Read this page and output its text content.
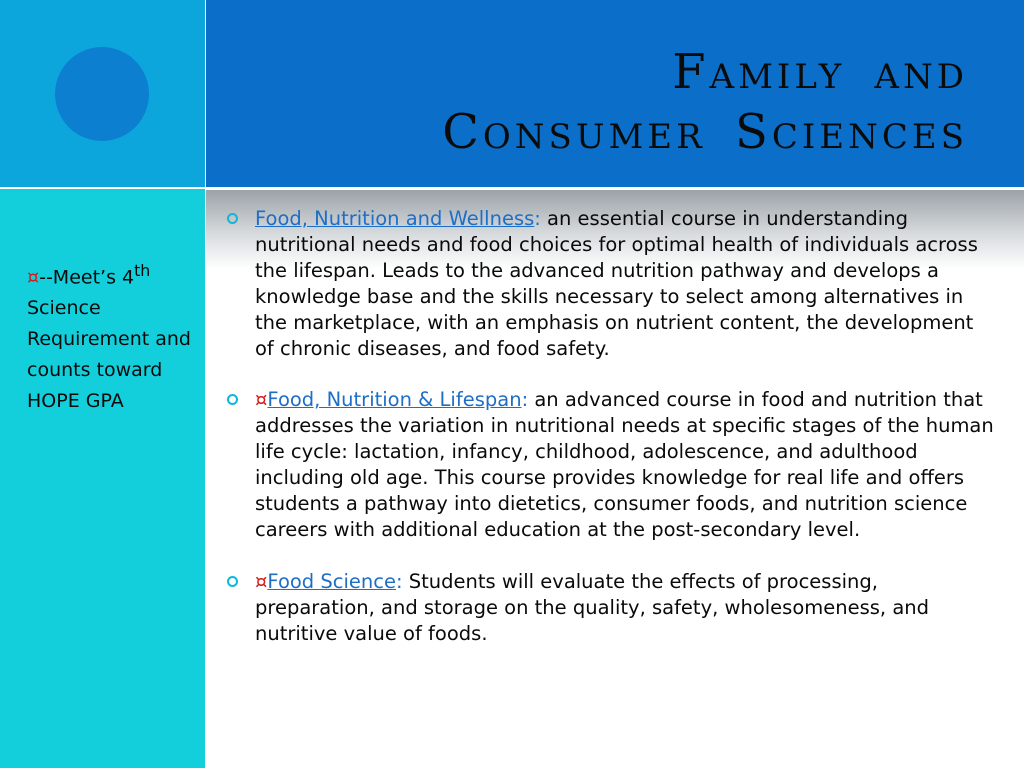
Family and
Consumer Sciences
¤--Meet’s 4th Science Requirement and counts toward HOPE GPA
Food, Nutrition and Wellness: an essential course in understanding nutritional needs and food choices for optimal health of individuals across the lifespan. Leads to the advanced nutrition pathway and develops a knowledge base and the skills necessary to select among alternatives in the marketplace, with an emphasis on nutrient content, the development of chronic diseases, and food safety.
¤Food, Nutrition & Lifespan: an advanced course in food and nutrition that addresses the variation in nutritional needs at specific stages of the human life cycle: lactation, infancy, childhood, adolescence, and adulthood including old age. This course provides knowledge for real life and offers students a pathway into dietetics, consumer foods, and nutrition science careers with additional education at the post-secondary level.
¤Food Science: Students will evaluate the effects of processing, preparation, and storage on the quality, safety, wholesomeness, and nutritive value of foods.
